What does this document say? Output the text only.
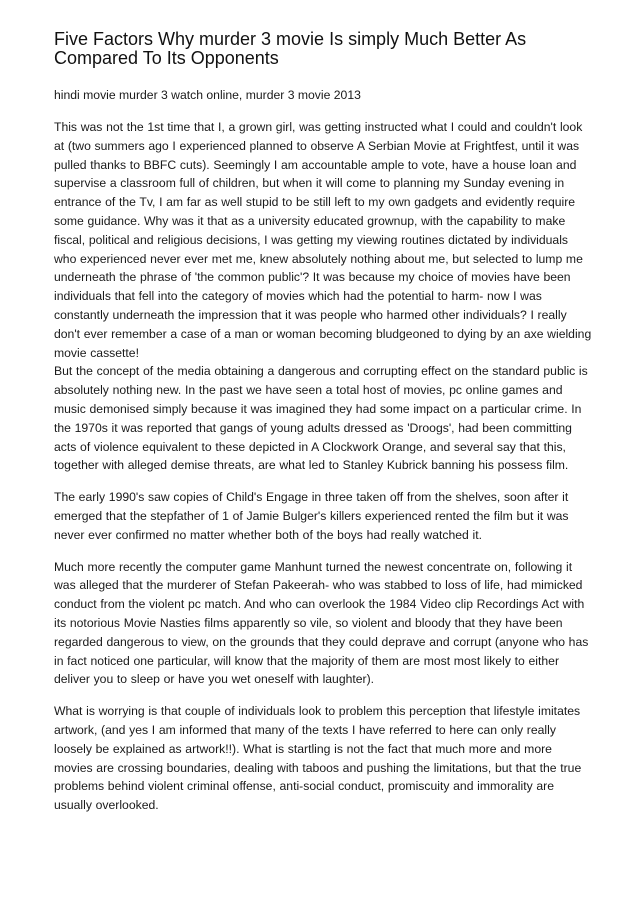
Five Factors Why murder 3 movie Is simply Much Better As Compared To Its Opponents
hindi movie murder 3 watch online, murder 3 movie 2013

This was not the 1st time that I, a grown girl, was getting instructed what I could and couldn't look at (two summers ago I experienced planned to observe A Serbian Movie at Frightfest, until it was pulled thanks to BBFC cuts). Seemingly I am accountable ample to vote, have a house loan and supervise a classroom full of children, but when it will come to planning my Sunday evening in entrance of the Tv, I am far as well stupid to be still left to my own gadgets and evidently require some guidance. Why was it that as a university educated grownup, with the capability to make fiscal, political and religious decisions, I was getting my viewing routines dictated by individuals who experienced never ever met me, knew absolutely nothing about me, but selected to lump me underneath the phrase of 'the common public'? It was because my choice of movies have been individuals that fell into the category of movies which had the potential to harm- now I was constantly underneath the impression that it was people who harmed other individuals? I really don't ever remember a case of a man or woman becoming bludgeoned to dying by an axe wielding movie cassette!

But the concept of the media obtaining a dangerous and corrupting effect on the standard public is absolutely nothing new. In the past we have seen a total host of movies, pc online games and music demonised simply because it was imagined they had some impact on a particular crime. In the 1970s it was reported that gangs of young adults dressed as 'Droogs', had been committing acts of violence equivalent to these depicted in A Clockwork Orange, and several say that this, together with alleged demise threats, are what led to Stanley Kubrick banning his possess film.

The early 1990's saw copies of Child's Engage in three taken off from the shelves, soon after it emerged that the stepfather of 1 of Jamie Bulger's killers experienced rented the film but it was never ever confirmed no matter whether both of the boys had really watched it.

Much more recently the computer game Manhunt turned the newest concentrate on, following it was alleged that the murderer of Stefan Pakeerah- who was stabbed to loss of life, had mimicked conduct from the violent pc match. And who can overlook the 1984 Video clip Recordings Act with its notorious Movie Nasties films apparently so vile, so violent and bloody that they have been regarded dangerous to view, on the grounds that they could deprave and corrupt (anyone who has in fact noticed one particular, will know that the majority of them are most most likely to either deliver you to sleep or have you wet oneself with laughter).

What is worrying is that couple of individuals look to problem this perception that lifestyle imitates artwork, (and yes I am informed that many of the texts I have referred to here can only really loosely be explained as artwork!!). What is startling is not the fact that much more and more movies are crossing boundaries, dealing with taboos and pushing the limitations, but that the true problems behind violent criminal offense, anti-social conduct, promiscuity and immorality are usually overlooked.
